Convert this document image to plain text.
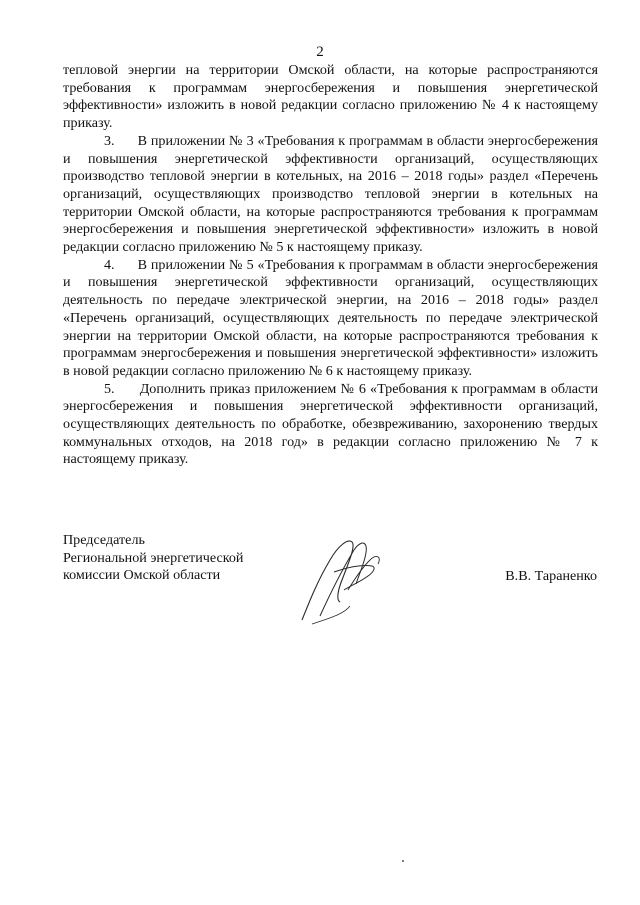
2

тепловой энергии на территории Омской области, на которые распространяются требования к программам энергосбережения и повышения энергетической эффективности» изложить в новой редакции согласно приложению № 4 к настоящему приказу.

3.      В приложении № 3 «Требования к программам в области энергосбережения и повышения энергетической эффективности организаций, осуществляющих производство тепловой энергии в котельных, на 2016 – 2018 годы» раздел «Перечень организаций, осуществляющих производство тепловой энергии в котельных на территории Омской области, на которые распространяются требования к программам энергосбережения и повышения энергетической эффективности» изложить в новой редакции согласно приложению № 5 к настоящему приказу.

4.      В приложении № 5 «Требования к программам в области энергосбережения и повышения энергетической эффективности организаций, осуществляющих деятельность по передаче электрической энергии, на 2016 – 2018 годы» раздел «Перечень организаций, осуществляющих деятельность по передаче электрической энергии на территории Омской области, на которые распространяются требования к программам энергосбережения и повышения энергетической эффективности» изложить в новой редакции согласно приложению № 6 к настоящему приказу.

5.      Дополнить приказ приложением № 6 «Требования к программам в области энергосбережения и повышения энергетической эффективности организаций, осуществляющих деятельность по обработке, обезвреживанию, захоронению твердых коммунальных отходов, на 2018 год» в редакции согласно приложению № 7 к настоящему приказу.

Председатель
Региональной энергетической
комиссии Омской области	В.В. Тараненко
